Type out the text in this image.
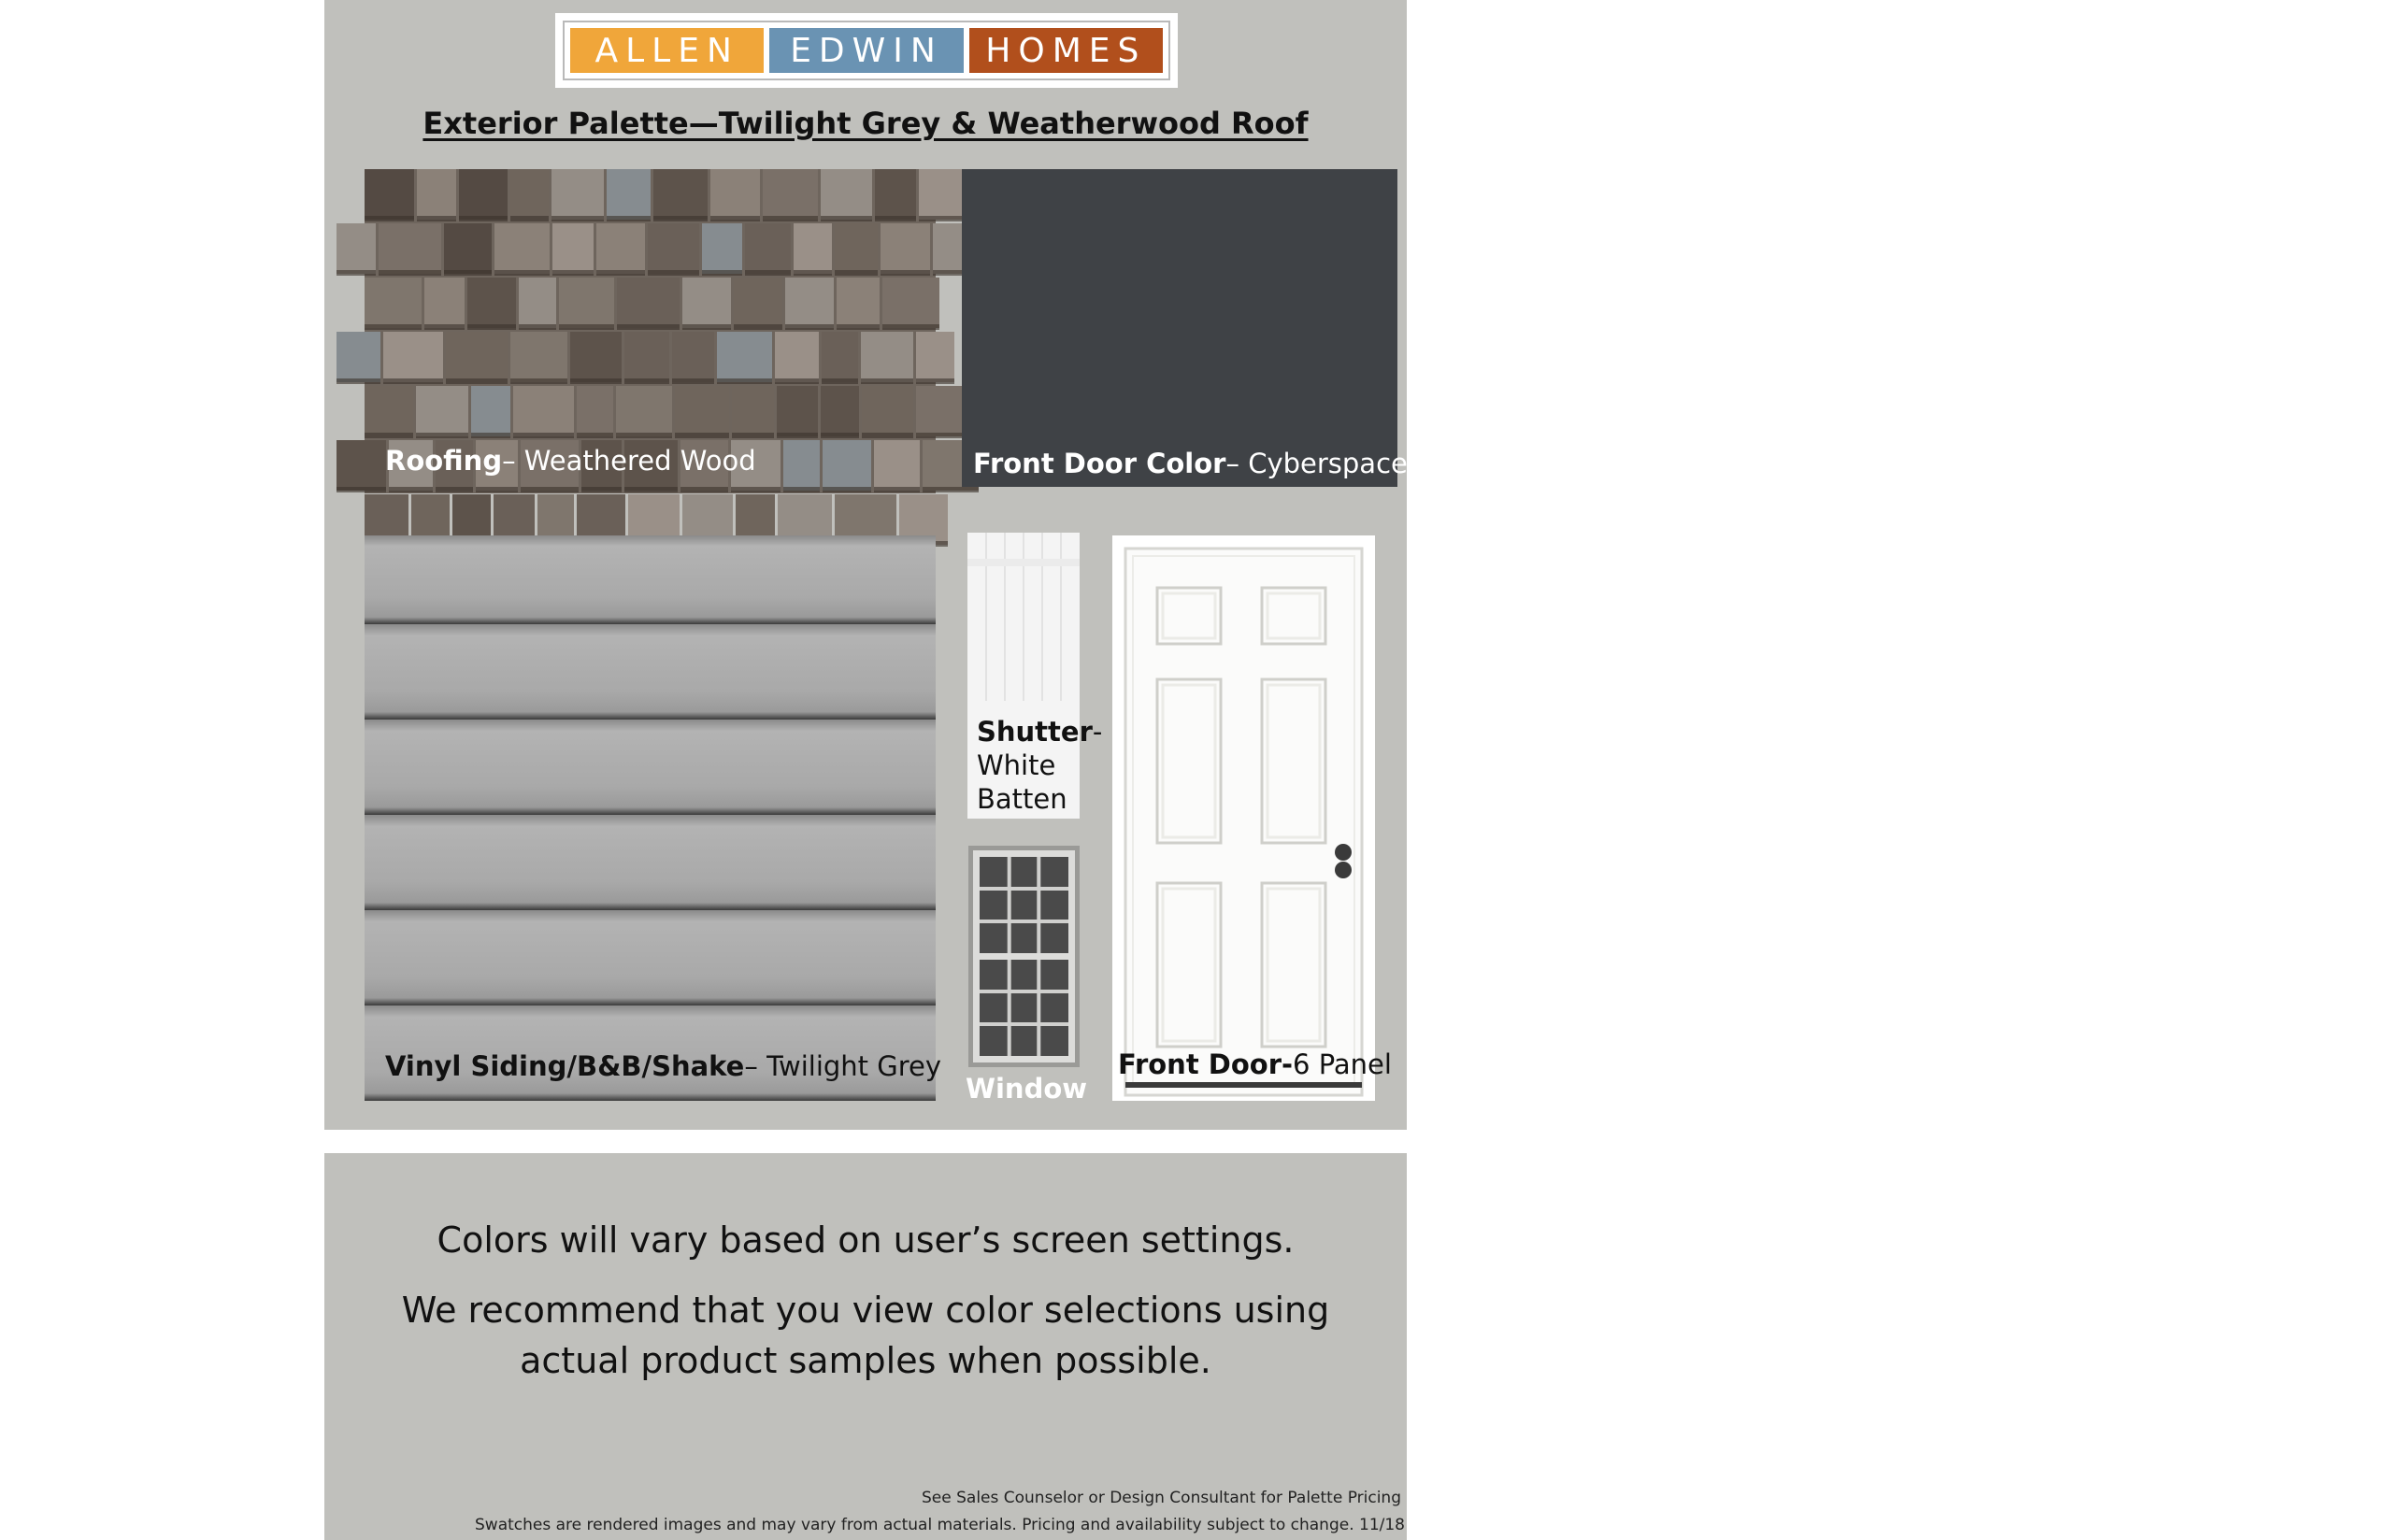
ALLEN	EDWIN	HOMES
Exterior Palette—Twilight Grey & Weatherwood Roof
Roofing– Weathered Wood	Front Door Color– Cyberspace
Vinyl Siding/B&B/Shake– Twilight Grey
Shutter- White Batten
Window
Front Door-6 Panel
Colors will vary based on user’s screen settings.
We recommend that you view color selections using
actual product samples when possible.
See Sales Counselor or Design Consultant for Palette Pricing
Swatches are rendered images and may vary from actual materials. Pricing and availability subject to change. 11/18
